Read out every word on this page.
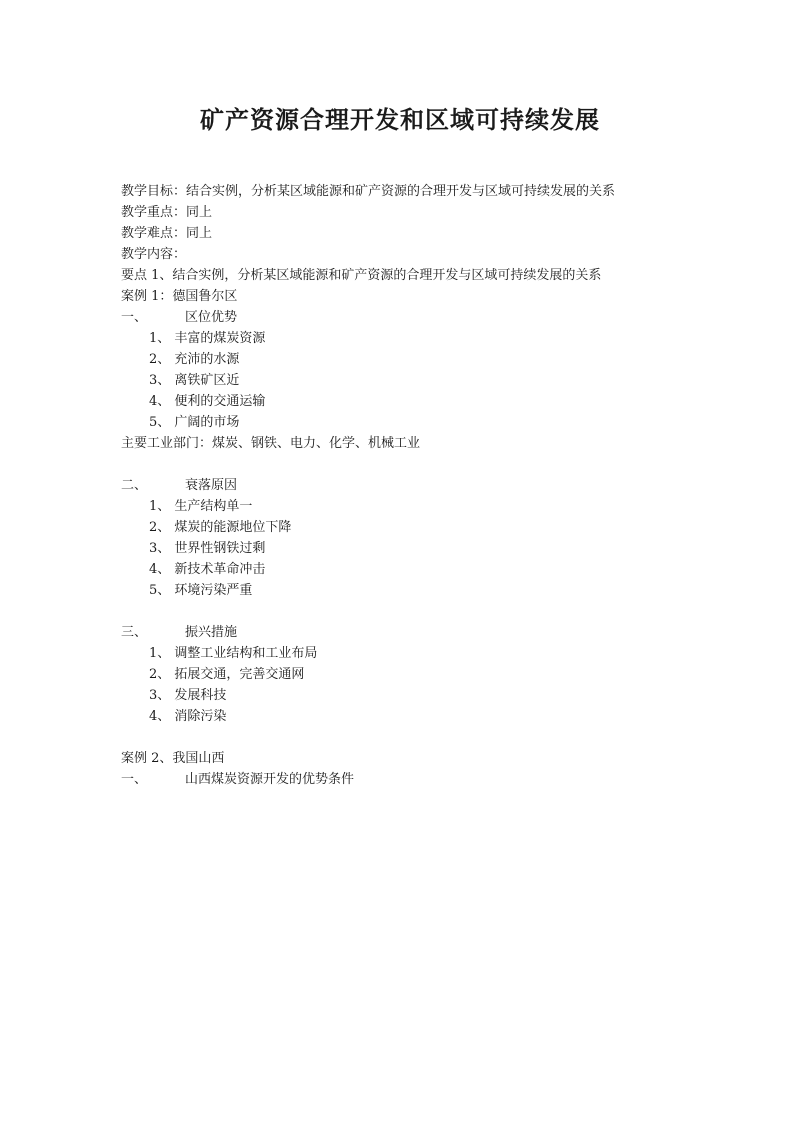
矿产资源合理开发和区域可持续发展
教学目标：结合实例，分析某区域能源和矿产资源的合理开发与区域可持续发展的关系
教学重点：同上
教学难点：同上
教学内容：
要点 1、结合实例，分析某区域能源和矿产资源的合理开发与区域可持续发展的关系
案例 1：德国鲁尔区
一、	区位优势
1、 丰富的煤炭资源
2、 充沛的水源
3、 离铁矿区近
4、 便利的交通运输
5、 广阔的市场
主要工业部门：煤炭、钢铁、电力、化学、机械工业
二、	衰落原因
1、 生产结构单一
2、 煤炭的能源地位下降
3、 世界性钢铁过剩
4、 新技术革命冲击
5、 环境污染严重
三、	振兴措施
1、 调整工业结构和工业布局
2、 拓展交通，完善交通网
3、 发展科技
4、 消除污染
案例 2、我国山西
一、	山西煤炭资源开发的优势条件
